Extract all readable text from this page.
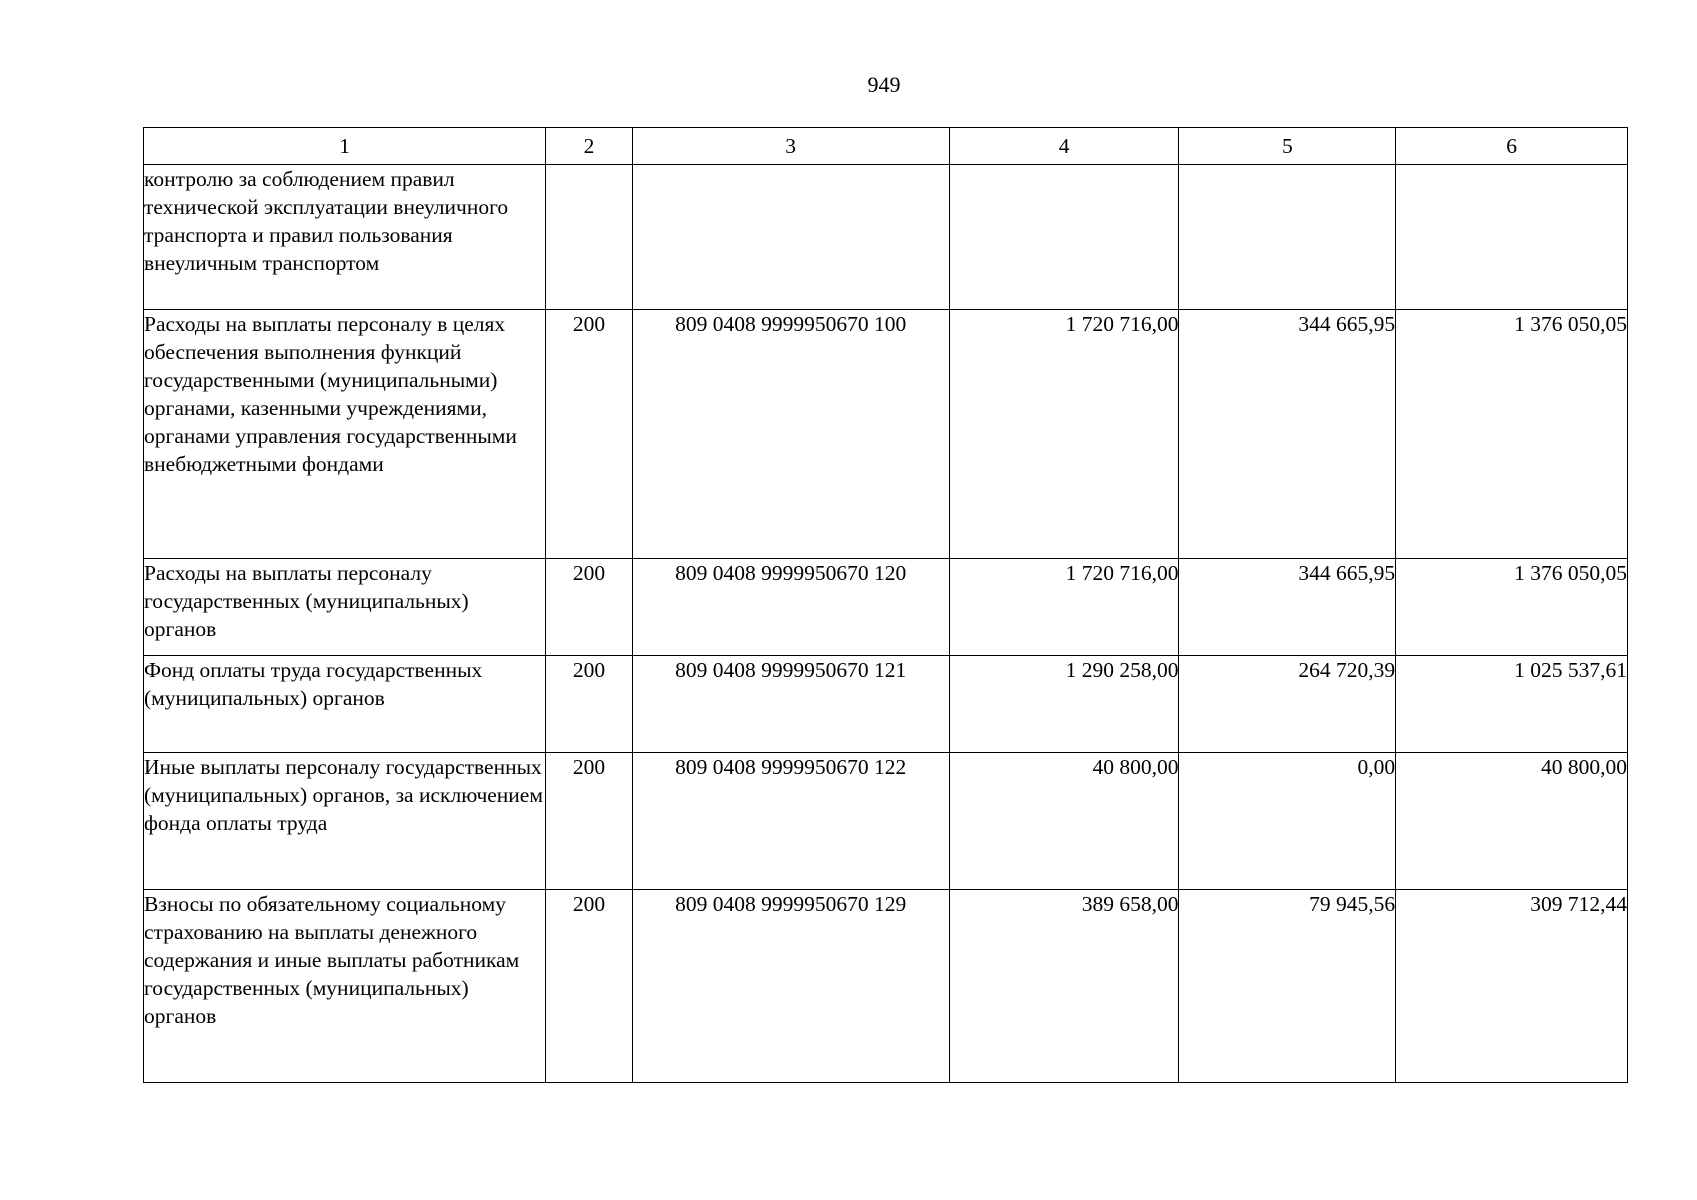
949
1	2	3	4	5	6
контролю за соблюдением правил технической эксплуатации внеуличного транспорта и правил пользования внеуличным транспортом					
Расходы на выплаты персоналу в целях обеспечения выполнения функций государственными (муниципальными) органами, казенными учреждениями, органами управления государственными внебюджетными фондами	200	809 0408 9999950670 100	1 720 716,00	344 665,95	1 376 050,05
Расходы на выплаты персоналу государственных (муниципальных) органов	200	809 0408 9999950670 120	1 720 716,00	344 665,95	1 376 050,05
Фонд оплаты труда государственных (муниципальных) органов	200	809 0408 9999950670 121	1 290 258,00	264 720,39	1 025 537,61
Иные выплаты персоналу государственных (муниципальных) органов, за исключением фонда оплаты труда	200	809 0408 9999950670 122	40 800,00	0,00	40 800,00
Взносы по обязательному социальному страхованию на выплаты денежного содержания и иные выплаты работникам государственных (муниципальных) органов	200	809 0408 9999950670 129	389 658,00	79 945,56	309 712,44
